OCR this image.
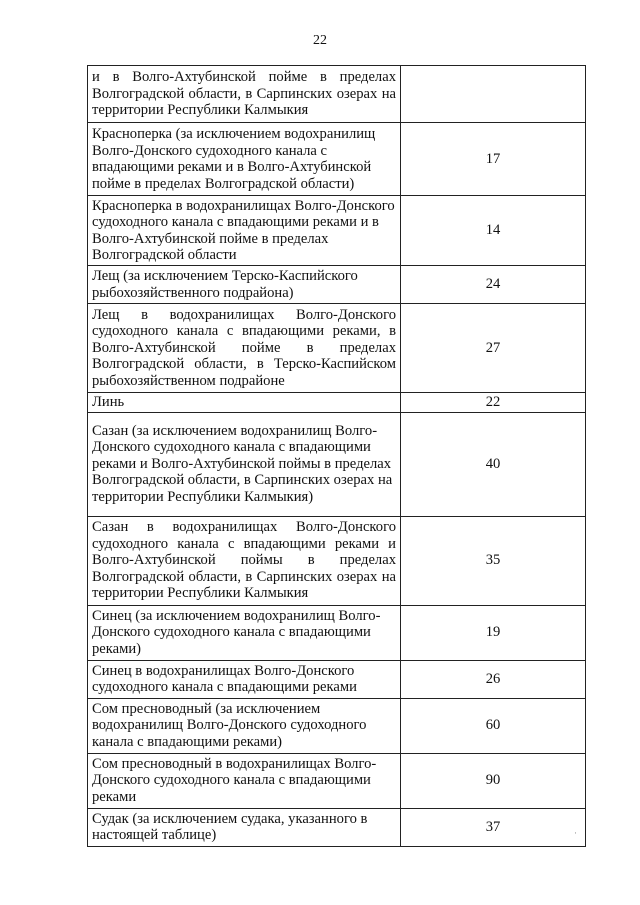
22
и в Волго-Ахтубинской пойме в пределах Волгоградской области, в Сарпинских озерах на территории Республики Калмыкия	
Красноперка (за исключением водохранилищ Волго-Донского судоходного канала с впадающими реками и в Волго-Ахтубинской пойме в пределах Волгоградской области)	17
Красноперка в водохранилищах Волго-Донского судоходного канала с впадающими реками и в Волго-Ахтубинской пойме в пределах Волгоградской области	14
Лещ (за исключением Терско-Каспийского рыбохозяйственного подрайона)	24
Лещ в водохранилищах Волго-Донского судоходного канала с впадающими реками, в Волго-Ахтубинской пойме в пределах Волгоградской области, в Терско-Каспийском рыбохозяйственном подрайоне	27
Линь	22
Сазан (за исключением водохранилищ Волго-Донского судоходного канала с впадающими реками и Волго-Ахтубинской поймы в пределах Волгоградской области, в Сарпинских озерах на территории Республики Калмыкия)	40
Сазан в водохранилищах Волго-Донского судоходного канала с впадающими реками и Волго-Ахтубинской поймы в пределах Волгоградской области, в Сарпинских озерах на территории Республики Калмыкия	35
Синец (за исключением водохранилищ Волго-Донского судоходного канала с впадающими реками)	19
Синец в водохранилищах Волго-Донского судоходного канала с впадающими реками	26
Сом пресноводный (за исключением водохранилищ Волго-Донского судоходного канала с впадающими реками)	60
Сом пресноводный в водохранилищах Волго-Донского судоходного канала с впадающими реками	90
Судак (за исключением судака, указанного в настоящей таблице)	37	·
